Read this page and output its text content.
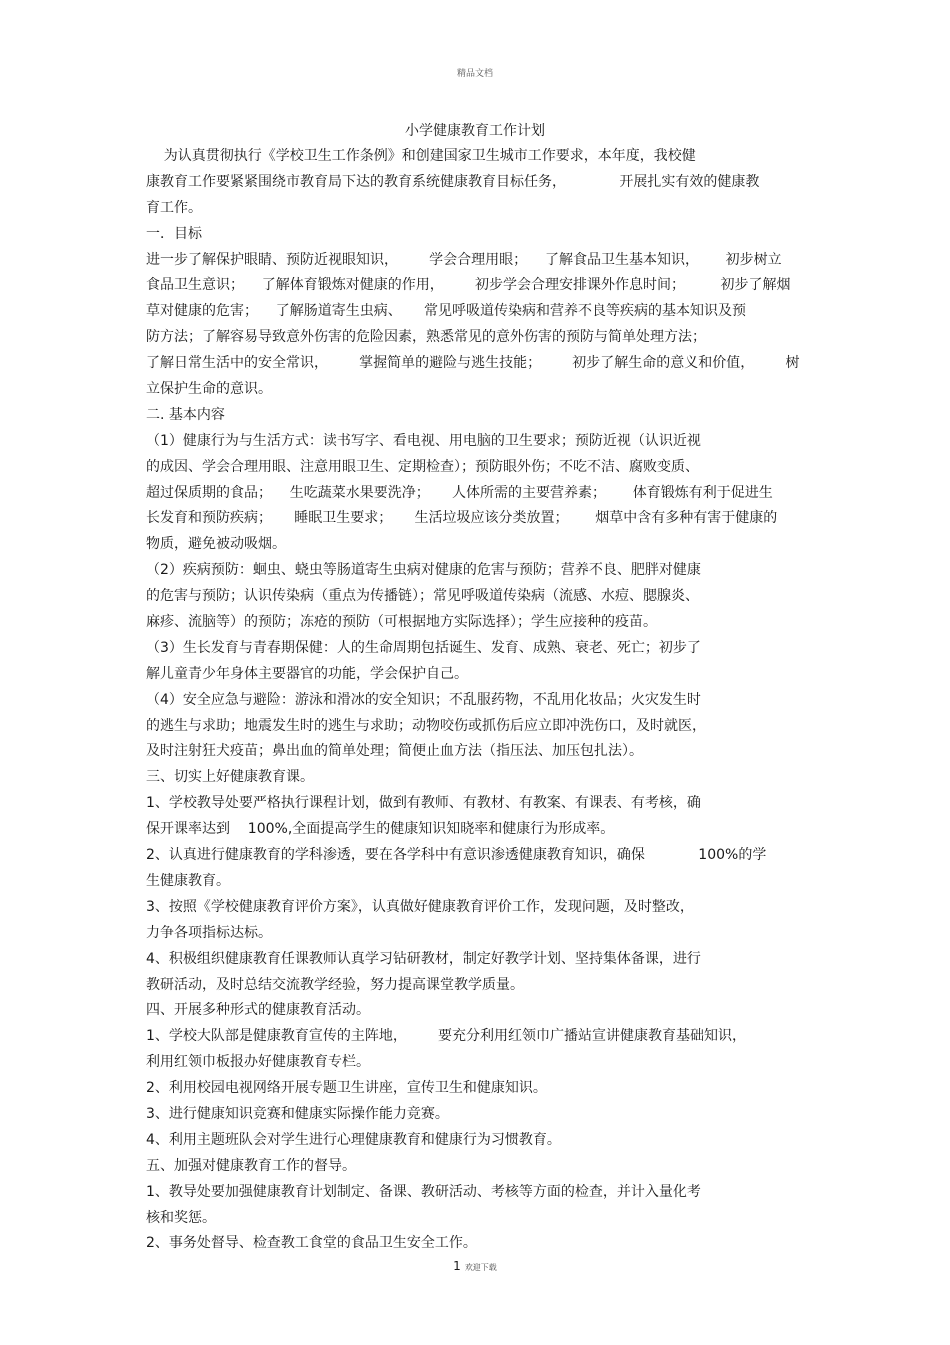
精品文档
小学健康教育工作计划
为认真贯彻执行《学校卫生工作条例》和创建国家卫生城市工作要求，本年度，我校健
康教育工作要紧紧围绕市教育局下达的教育系统健康教育目标任务，            开展扎实有效的健康教
育工作。
一．目标
进一步了解保护眼睛、预防近视眼知识，       学会合理用眼；    了解食品卫生基本知识，      初步树立
食品卫生意识；    了解体育锻炼对健康的作用，       初步学会合理安排课外作息时间；        初步了解烟
草对健康的危害；    了解肠道寄生虫病、     常见呼吸道传染病和营养不良等疾病的基本知识及预
防方法；了解容易导致意外伤害的危险因素，熟悉常见的意外伤害的预防与简单处理方法；
了解日常生活中的安全常识，       掌握简单的避险与逃生技能；       初步了解生命的意义和价值，       树
立保护生命的意识。
二. 基本内容
（1）健康行为与生活方式：读书写字、看电视、用电脑的卫生要求；预防近视（认识近视
的成因、学会合理用眼、注意用眼卫生、定期检查）；预防眼外伤；不吃不洁、腐败变质、
超过保质期的食品；    生吃蔬菜水果要洗净；     人体所需的主要营养素；      体育锻炼有利于促进生
长发育和预防疾病；     睡眠卫生要求；     生活垃圾应该分类放置；      烟草中含有多种有害于健康的
物质，避免被动吸烟。
（2）疾病预防：蛔虫、蛲虫等肠道寄生虫病对健康的危害与预防；营养不良、肥胖对健康
的危害与预防；认识传染病（重点为传播链）；常见呼吸道传染病（流感、水痘、腮腺炎、
麻疹、流脑等）的预防；冻疮的预防（可根据地方实际选择）；学生应接种的疫苗。
（3）生长发育与青春期保健：人的生命周期包括诞生、发育、成熟、衰老、死亡；初步了
解儿童青少年身体主要器官的功能，学会保护自己。
（4）安全应急与避险：游泳和滑冰的安全知识；不乱服药物，不乱用化妆品；火灾发生时
的逃生与求助；地震发生时的逃生与求助；动物咬伤或抓伤后应立即冲洗伤口，及时就医，
及时注射狂犬疫苗；鼻出血的简单处理；简便止血方法（指压法、加压包扎法）。
三、切实上好健康教育课。
1、学校教导处要严格执行课程计划，做到有教师、有教材、有教案、有课表、有考核，确
保开课率达到    100%,全面提高学生的健康知识知晓率和健康行为形成率。
2、认真进行健康教育的学科渗透，要在各学科中有意识渗透健康教育知识，确保            100%的学
生健康教育。
3、按照《学校健康教育评价方案》，认真做好健康教育评价工作，发现问题，及时整改，
力争各项指标达标。
4、积极组织健康教育任课教师认真学习钻研教材，制定好教学计划、坚持集体备课，进行
教研活动，及时总结交流教学经验，努力提高课堂教学质量。
四、开展多种形式的健康教育活动。
1、学校大队部是健康教育宣传的主阵地，       要充分利用红领巾广播站宣讲健康教育基础知识，
利用红领巾板报办好健康教育专栏。
2、利用校园电视网络开展专题卫生讲座，宣传卫生和健康知识。
3、进行健康知识竞赛和健康实际操作能力竞赛。
4、利用主题班队会对学生进行心理健康教育和健康行为习惯教育。
五、加强对健康教育工作的督导。
1、教导处要加强健康教育计划制定、备课、教研活动、考核等方面的检查，并计入量化考
核和奖惩。
2、事务处督导、检查教工食堂的食品卫生安全工作。
1 欢迎下载
